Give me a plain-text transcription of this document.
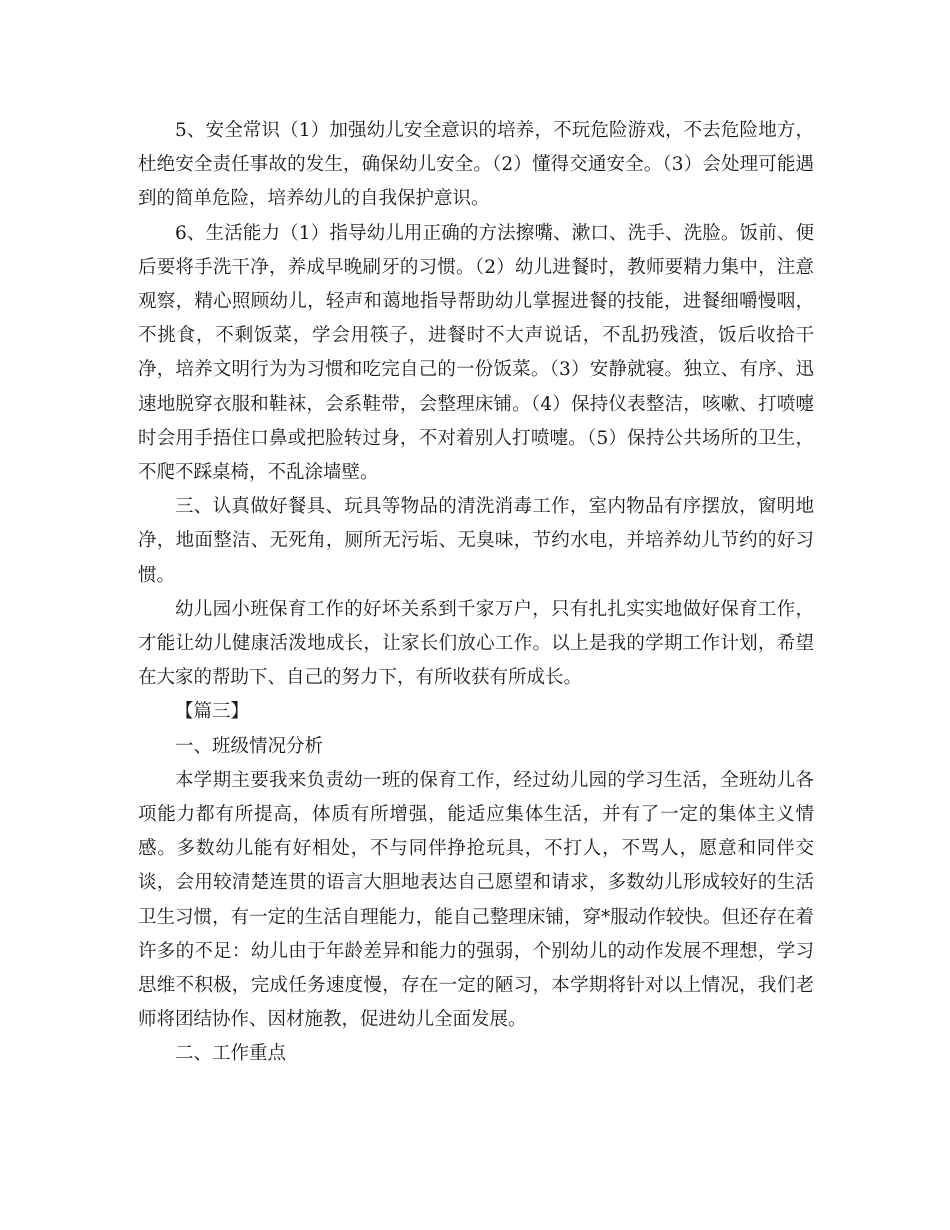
5、安全常识（1）加强幼儿安全意识的培养，不玩危险游戏，不去危险地方，杜绝安全责任事故的发生，确保幼儿安全。（2）懂得交通安全。（3）会处理可能遇到的简单危险，培养幼儿的自我保护意识。

6、生活能力（1）指导幼儿用正确的方法擦嘴、漱口、洗手、洗脸。饭前、便后要将手洗干净，养成早晚刷牙的习惯。（2）幼儿进餐时，教师要精力集中，注意观察，精心照顾幼儿，轻声和蔼地指导帮助幼儿掌握进餐的技能，进餐细嚼慢咽，不挑食，不剩饭菜，学会用筷子，进餐时不大声说话，不乱扔残渣，饭后收拾干净，培养文明行为为习惯和吃完自己的一份饭菜。（3）安静就寝。独立、有序、迅速地脱穿衣服和鞋袜，会系鞋带，会整理床铺。（4）保持仪表整洁，咳嗽、打喷嚏时会用手捂住口鼻或把脸转过身，不对着别人打喷嚏。（5）保持公共场所的卫生，不爬不踩桌椅，不乱涂墙壁。

三、认真做好餐具、玩具等物品的清洗消毒工作，室内物品有序摆放，窗明地净，地面整洁、无死角，厕所无污垢、无臭味，节约水电，并培养幼儿节约的好习惯。

幼儿园小班保育工作的好坏关系到千家万户，只有扎扎实实地做好保育工作，才能让幼儿健康活泼地成长，让家长们放心工作。以上是我的学期工作计划，希望在大家的帮助下、自己的努力下，有所收获有所成长。

【篇三】

一、班级情况分析

本学期主要我来负责幼一班的保育工作，经过幼儿园的学习生活，全班幼儿各项能力都有所提高，体质有所增强，能适应集体生活，并有了一定的集体主义情感。多数幼儿能有好相处，不与同伴挣抢玩具，不打人，不骂人，愿意和同伴交谈，会用较清楚连贯的语言大胆地表达自己愿望和请求，多数幼儿形成较好的生活卫生习惯，有一定的生活自理能力，能自己整理床铺，穿*服动作较快。但还存在着许多的不足：幼儿由于年龄差异和能力的强弱，个别幼儿的动作发展不理想，学习思维不积极，完成任务速度慢，存在一定的陋习，本学期将针对以上情况，我们老师将团结协作、因材施教，促进幼儿全面发展。

二、工作重点
